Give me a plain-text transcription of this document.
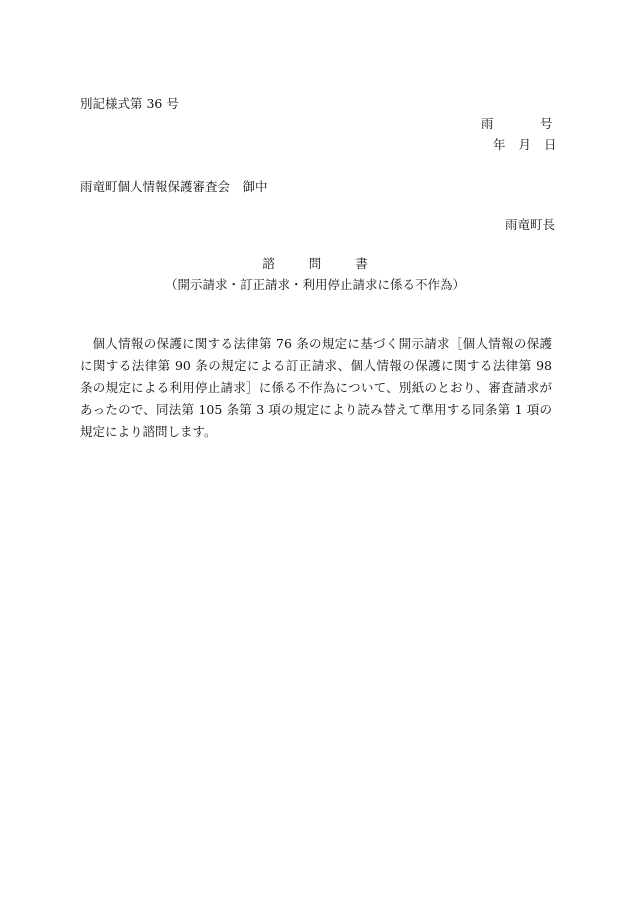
別記様式第 36 号
雨	号
年 月 日
雨竜町個人情報保護審査会　御中
雨竜町長
諮	問	書
（開示請求・訂正請求・利用停止請求に係る不作為）
個人情報の保護に関する法律第 76 条の規定に基づく開示請求［個人情報の保護に関する法律第 90 条の規定による訂正請求、個人情報の保護に関する法律第 98 条の規定による利用停止請求］に係る不作為について、別紙のとおり、審査請求があったので、同法第 105 条第 3 項の規定により読み替えて準用する同条第 1 項の規定により諮問します。
